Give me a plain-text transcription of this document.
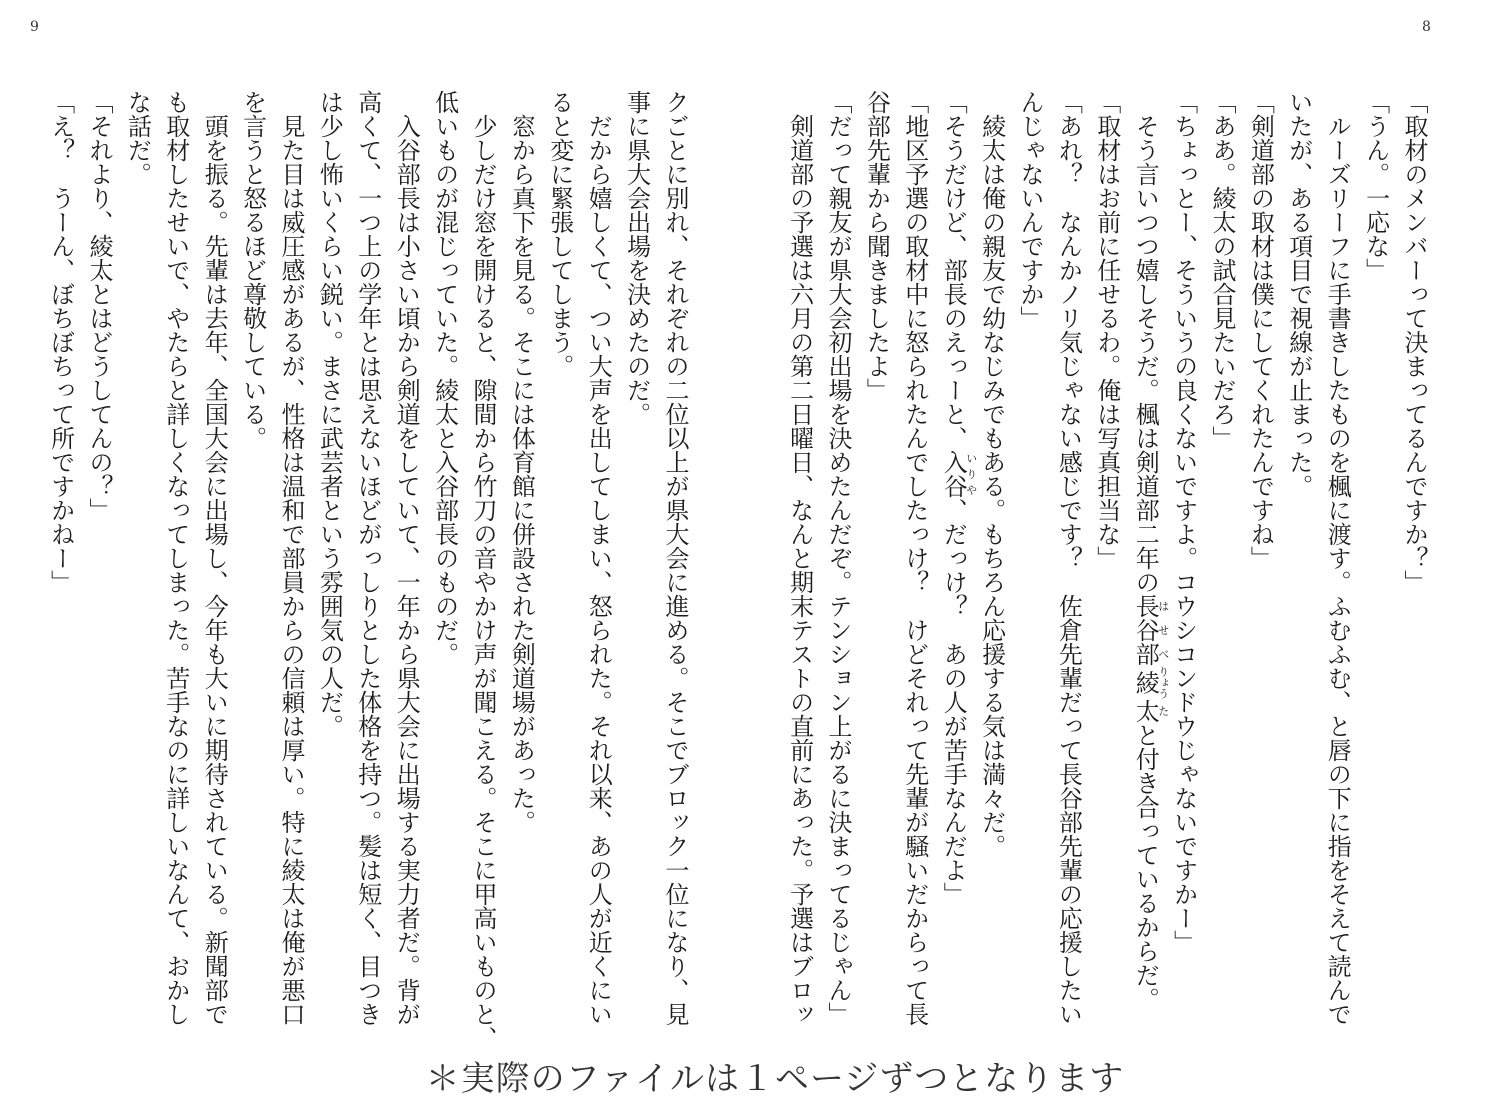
8
「取材のメンバーって決まってるんですか？」
「うん。一応な」
　ルーズリーフに手書きしたものを楓に渡す。ふむふむ、と唇の下に指をそえて読んで
いたが、ある項目で視線が止まった。
「剣道部の取材は僕にしてくれたんですね」
「ああ。綾太の試合見たいだろ」
「ちょっとー、そういうの良くないですよ。コウシコンドウじゃないですかー」
　そう言いつつ嬉しそうだ。楓は剣道部二年の長谷部はせべ綾りょう太たと付き合っているからだ。
「取材はお前に任せるわ。俺は写真担当な」
「あれ？　なんかノリ気じゃない感じです？　佐倉先輩だって長谷部先輩の応援したい
んじゃないんですか」
　綾太は俺の親友で幼なじみでもある。もちろん応援する気は満々だ。
「そうだけど、部長のえっーと、入谷いりや、だっけ？　あの人が苦手なんだよ」
「地区予選の取材中に怒られたんでしたっけ？　けどそれって先輩が騒いだからって長
谷部先輩から聞きましたよ」
「だって親友が県大会初出場を決めたんだぞ。テンション上がるに決まってるじゃん」
　剣道部の予選は六月の第二日曜日、なんと期末テストの直前にあった。予選はブロッ
9
クごとに別れ、それぞれの二位以上が県大会に進める。そこでブロック一位になり、見
事に県大会出場を決めたのだ。
　だから嬉しくて、つい大声を出してしまい、怒られた。それ以来、あの人が近くにい
ると変に緊張してしまう。
　窓から真下を見る。そこには体育館に併設された剣道場があった。
　少しだけ窓を開けると、隙間から竹刀の音やかけ声が聞こえる。そこに甲高いものと、
低いものが混じっていた。綾太と入谷部長のものだ。
　入谷部長は小さい頃から剣道をしていて、一年から県大会に出場する実力者だ。背が
高くて、一つ上の学年とは思えないほどがっしりとした体格を持つ。髪は短く、目つき
は少し怖いくらい鋭い。まさに武芸者という雰囲気の人だ。
　見た目は威圧感があるが、性格は温和で部員からの信頼は厚い。特に綾太は俺が悪口
を言うと怒るほど尊敬している。
　頭を振る。先輩は去年、全国大会に出場し、今年も大いに期待されている。新聞部で
も取材したせいで、やたらと詳しくなってしまった。苦手なのに詳しいなんて、おかし
な話だ。
「それより、綾太とはどうしてんの？」
「え？　うーん、ぼちぼちって所ですかねー」
＊実際のファイルは１ページずつとなります
